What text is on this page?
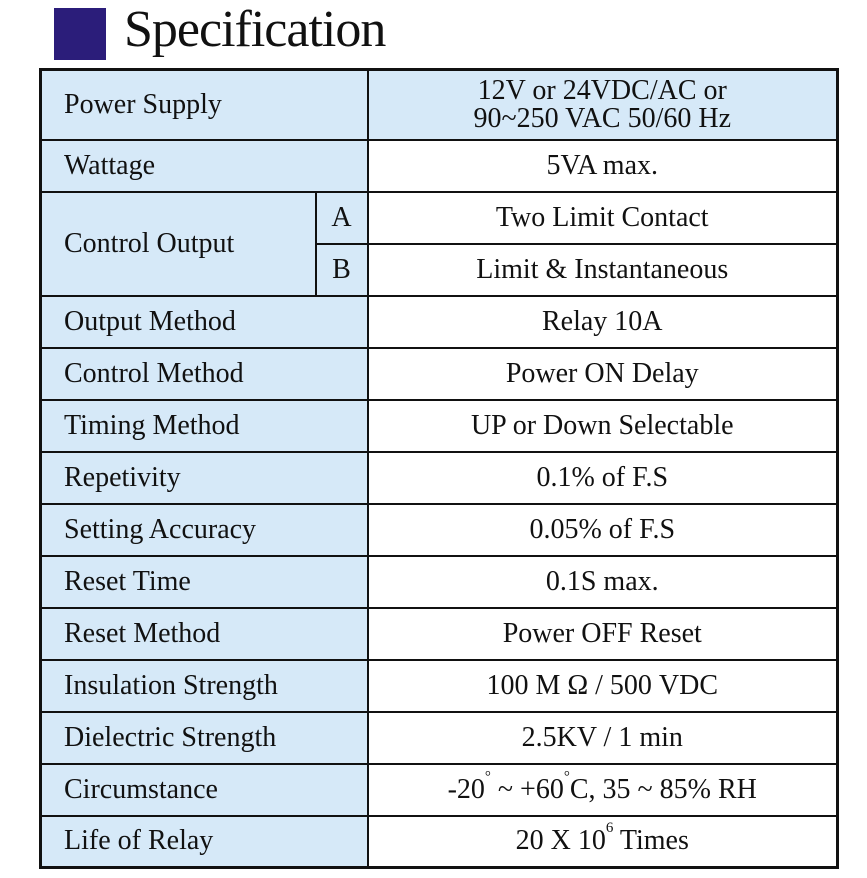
Specification
Power Supply		12V or 24VDC/AC or
90~250 VAC 50/60 Hz

Wattage		5VA max.
Control Output	A	Two Limit Contact
	B	Limit & Instantaneous
Output Method		Relay 10A
Control Method		Power ON Delay
Timing Method		UP or Down Selectable
Repetivity		0.1% of F.S
Setting Accuracy		0.05% of F.S
Reset Time		0.1S max.
Reset Method		Power OFF Reset
Insulation Strength		100 M Ω / 500 VDC
Dielectric Strength		2.5KV / 1 min
Circumstance		-20° ~ +60°C, 35 ~ 85% RH
Life of Relay		20 X $10^6$ Times
